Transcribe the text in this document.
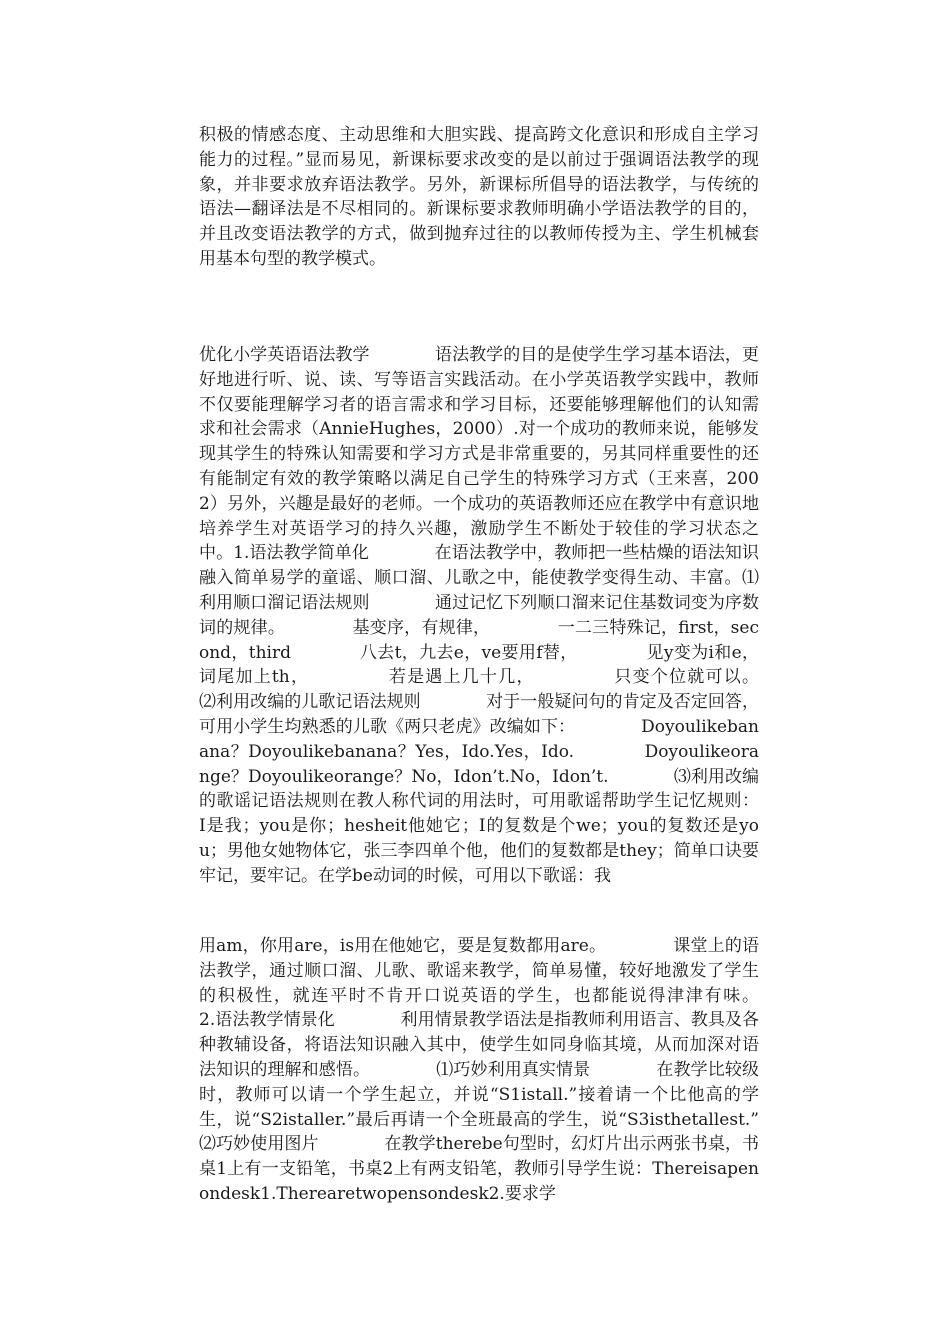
积极的情感态度、主动思维和大胆实践、提高跨文化意识和形成自主学习能力的过程。”显而易见，新课标要求改变的是以前过于强调语法教学的现象，并非要求放弃语法教学。另外，新课标所倡导的语法教学，与传统的语法—翻译法是不尽相同的。新课标要求教师明确小学语法教学的目的，并且改变语法教学的方式，做到抛弃过往的以教师传授为主、学生机械套用基本句型的教学模式。

优化小学英语语法教学            语法教学的目的是使学生学习基本语法，更好地进行听、说、读、写等语言实践活动。在小学英语教学实践中，教师不仅要能理解学习者的语言需求和学习目标，还要能够理解他们的认知需求和社会需求（AnnieHughes，2000）.对一个成功的教师来说，能够发现其学生的特殊认知需要和学习方式是非常重要的，另其同样重要性的还有能制定有效的教学策略以满足自己学生的特殊学习方式（王来喜，2002）另外，兴趣是最好的老师。一个成功的英语教师还应在教学中有意识地培养学生对英语学习的持久兴趣，激励学生不断处于较佳的学习状态之中。1.语法教学简单化            在语法教学中，教师把一些枯燥的语法知识融入简单易学的童谣、顺口溜、儿歌之中，能使教学变得生动、丰富。⑴利用顺口溜记语法规则            通过记忆下列顺口溜来记住基数词变为序数词的规律。            基变序，有规律，            一二三特殊记，first，second，third            八去t，九去e，ve要用f替，            见y变为i和e，            词尾加上th，            若是遇上几十几，            只变个位就可以。            ⑵利用改编的儿歌记语法规则            对于一般疑问句的肯定及否定回答，可用小学生均熟悉的儿歌《两只老虎》改编如下：            Doyoulikebanana？Doyoulikebanana？Yes，Ido.Yes，Ido.            Doyoulikeorange？Doyoulikeorange？No，Idon’t.No，Idon’t.            ⑶利用改编的歌谣记语法规则在教人称代词的用法时，可用歌谣帮助学生记忆规则：            I是我；you是你；hesheit他她它；I的复数是个we；you的复数还是you；男他女她物体它，张三李四单个他，他们的复数都是they；简单口诀要牢记，要牢记。在学be动词的时候，可用以下歌谣：我

用am，你用are，is用在他她它，要是复数都用are。            课堂上的语法教学，通过顺口溜、儿歌、歌谣来教学，简单易懂，较好地激发了学生的积极性，就连平时不肯开口说英语的学生，也都能说得津津有味。            2.语法教学情景化            利用情景教学语法是指教师利用语言、教具及各种教辅设备，将语法知识融入其中，使学生如同身临其境，从而加深对语法知识的理解和感悟。            ⑴巧妙利用真实情景            在教学比较级时，教师可以请一个学生起立，并说“S1istall.”接着请一个比他高的学生，说“S2istaller.”最后再请一个全班最高的学生，说“S3isthetallest.”            ⑵巧妙使用图片            在教学therebe句型时，幻灯片出示两张书桌，书桌1上有一支铅笔，书桌2上有两支铅笔，教师引导学生说：Thereisapenondesk1.Therearetwopensondesk2.要求学
